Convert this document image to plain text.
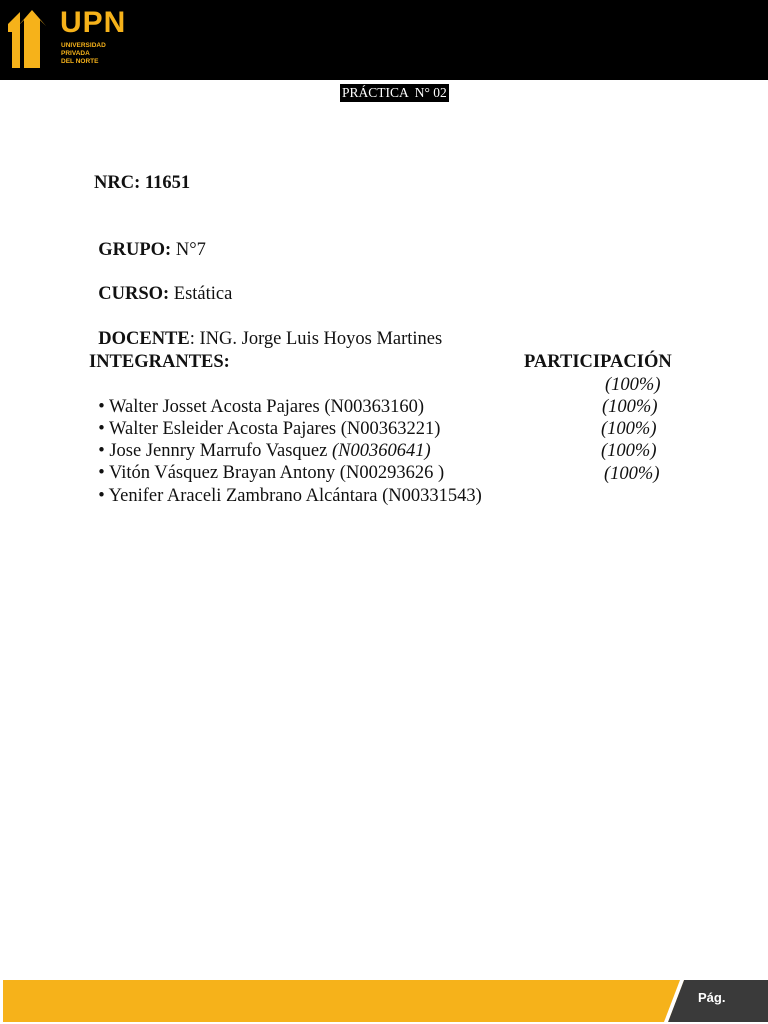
UPN
UNIVERSIDAD
PRIVADA
DEL NORTE
PRÁCTICA  N° 02
NRC: 11651

GRUPO: N°7

CURSO: Estática

DOCENTE: ING. Jorge Luis Hoyos Martines

INTEGRANTES:	PARTICIPACIÓN

• Walter Josset Acosta Pajares (N00363160)

(100%)

• Walter Esleider Acosta Pajares (N00363221)

(100%)

• Jose Jennry Marrufo Vasquez (N00360641)

(100%)

• Vitón Vásquez Brayan Antony (N00293626 )

(100%)

• Yenifer Araceli Zambrano Alcántara (N00331543)

(100%)
Pág.
